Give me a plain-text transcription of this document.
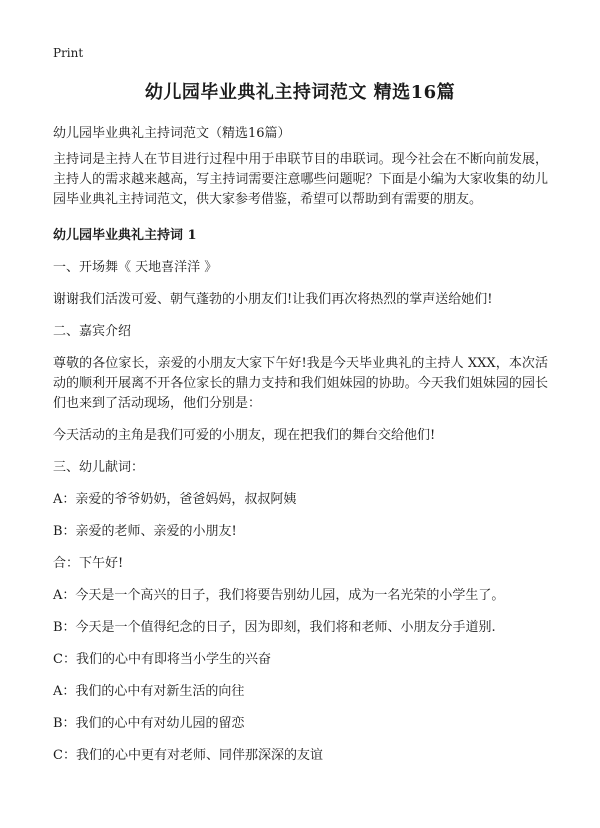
Print
幼儿园毕业典礼主持词范文 精选16篇

幼儿园毕业典礼主持词范文（精选16篇）

主持词是主持人在节目进行过程中用于串联节目的串联词。现今社会在不断向前发展，主持人的需求越来越高，写主持词需要注意哪些问题呢？下面是小编为大家收集的幼儿园毕业典礼主持词范文，供大家参考借鉴，希望可以帮助到有需要的朋友。

幼儿园毕业典礼主持词 1

一、开场舞《 天地喜洋洋 》

谢谢我们活泼可爱、朝气蓬勃的小朋友们!让我们再次将热烈的掌声送给她们!

二、嘉宾介绍

尊敬的各位家长，亲爱的小朋友大家下午好!我是今天毕业典礼的主持人 XXX，本次活动的顺利开展离不开各位家长的鼎力支持和我们姐妹园的协助。今天我们姐妹园的园长们也来到了活动现场，他们分别是：

今天活动的主角是我们可爱的小朋友，现在把我们的舞台交给他们!

三、幼儿献词：

A：亲爱的爷爷奶奶，爸爸妈妈，叔叔阿姨

B：亲爱的老师、亲爱的小朋友!

合：下午好!

A：今天是一个高兴的日子，我们将要告别幼儿园，成为一名光荣的小学生了。

B：今天是一个值得纪念的日子，因为即刻，我们将和老师、小朋友分手道别.

C：我们的心中有即将当小学生的兴奋

A：我们的心中有对新生活的向往

B：我们的心中有对幼儿园的留恋

C：我们的心中更有对老师、同伴那深深的友谊
